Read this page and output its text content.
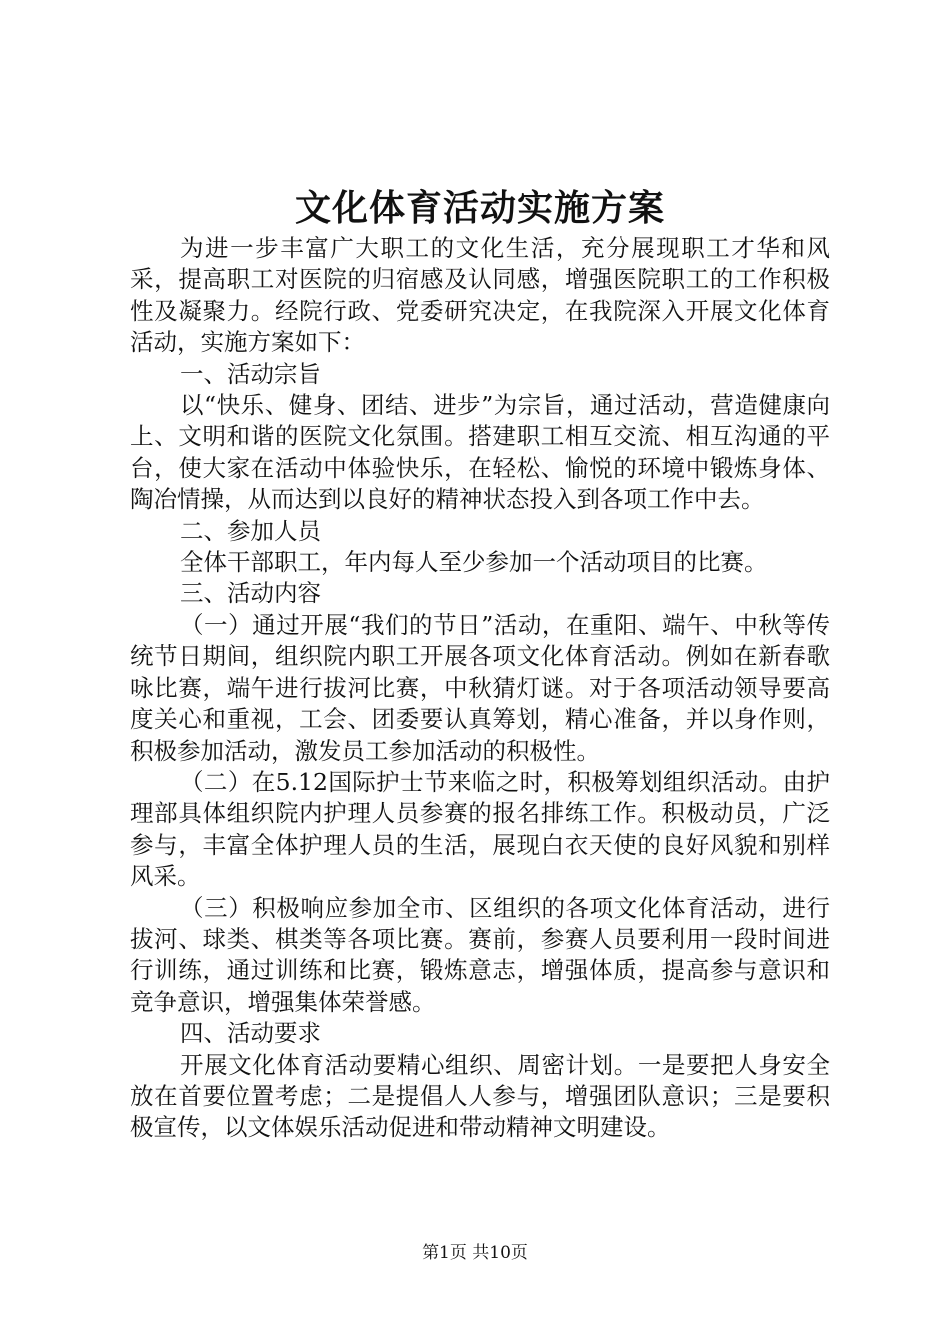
文化体育活动实施方案

为进一步丰富广大职工的文化生活，充分展现职工才华和风采，提高职工对医院的归宿感及认同感，增强医院职工的工作积极性及凝聚力。经院行政、党委研究决定，在我院深入开展文化体育活动，实施方案如下：

一、活动宗旨

以“快乐、健身、团结、进步”为宗旨，通过活动，营造健康向上、文明和谐的医院文化氛围。搭建职工相互交流、相互沟通的平台，使大家在活动中体验快乐，在轻松、愉悦的环境中锻炼身体、陶冶情操，从而达到以良好的精神状态投入到各项工作中去。

二、参加人员

全体干部职工，年内每人至少参加一个活动项目的比赛。

三、活动内容

（一）通过开展“我们的节日”活动，在重阳、端午、中秋等传统节日期间，组织院内职工开展各项文化体育活动。例如在新春歌咏比赛，端午进行拔河比赛，中秋猜灯谜。对于各项活动领导要高度关心和重视，工会、团委要认真筹划，精心准备，并以身作则，积极参加活动，激发员工参加活动的积极性。

（二）在5.12国际护士节来临之时，积极筹划组织活动。由护理部具体组织院内护理人员参赛的报名排练工作。积极动员，广泛参与，丰富全体护理人员的生活，展现白衣天使的良好风貌和别样风采。

（三）积极响应参加全市、区组织的各项文化体育活动，进行拔河、球类、棋类等各项比赛。赛前，参赛人员要利用一段时间进行训练，通过训练和比赛，锻炼意志，增强体质，提高参与意识和竞争意识，增强集体荣誉感。

四、活动要求

开展文化体育活动要精心组织、周密计划。一是要把人身安全放在首要位置考虑；二是提倡人人参与，增强团队意识；三是要积极宣传，以文体娱乐活动促进和带动精神文明建设。

第1页 共10页
